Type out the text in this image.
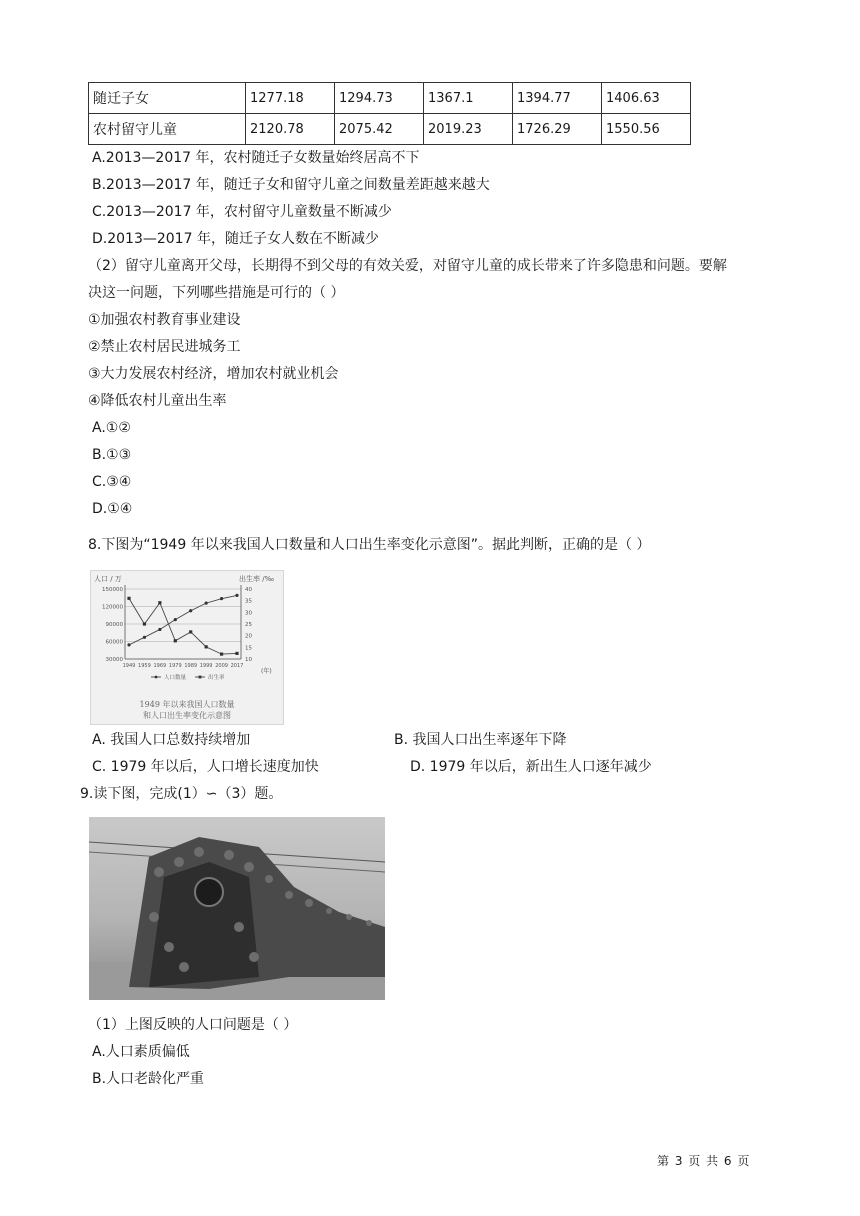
随迁子女	1277.18	1294.73	1367.1	1394.77	1406.63
农村留守儿童	2120.78	2075.42	2019.23	1726.29	1550.56
A.2013—2017 年，农村随迁子女数量始终居高不下
B.2013—2017 年，随迁子女和留守儿童之间数量差距越来越大
C.2013—2017 年，农村留守儿童数量不断减少
D.2013—2017 年，随迁子女人数在不断减少
（2）留守儿童离开父母，长期得不到父母的有效关爱，对留守儿童的成长带来了许多隐患和问题。要解
决这一问题，下列哪些措施是可行的（ ）
①加强农村教育事业建设
②禁止农村居民进城务工
③大力发展农村经济，增加农村就业机会
④降低农村儿童出生率
A.①②
B.①③
C.③④
D.①④
8.下图为“1949 年以来我国人口数量和人口出生率变化示意图”。据此判断，正确的是（ ）
人口 / 万	出生率 /‰
(年)
1949 年以来我国人口数量
和人口出生率变化示意图
150000
120000
90000
60000
30000
40
35
30
25
20
15
10
1949 1959 1969 1979 1989 1999 2009 2017
人口数量	出生率
A. 我国人口总数持续增加	B. 我国人口出生率逐年下降
C. 1979 年以后，人口增长速度加快	D. 1979 年以后，新出生人口逐年减少
9.读下图，完成(1）∽（3）题。
（1）上图反映的人口问题是（ ）
A.人口素质偏低
B.人口老龄化严重
第 3 页 共 6 页
